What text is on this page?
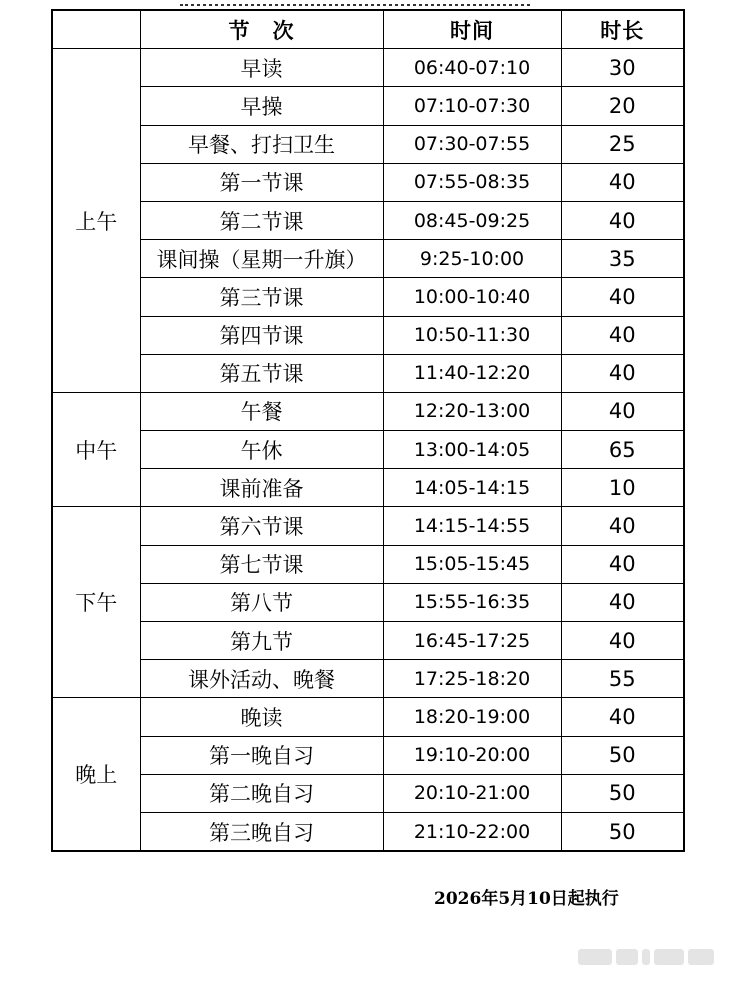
	节　次	时间	时长
上午	早读	06:40-07:10	30
	早操	07:10-07:30	20
	早餐、打扫卫生	07:30-07:55	25
	第一节课	07:55-08:35	40
	第二节课	08:45-09:25	40
	课间操（星期一升旗）	9:25-10:00	35
	第三节课	10:00-10:40	40
	第四节课	10:50-11:30	40
	第五节课	11:40-12:20	40
中午	午餐	12:20-13:00	40
	午休	13:00-14:05	65
	课前准备	14:05-14:15	10
下午	第六节课	14:15-14:55	40
	第七节课	15:05-15:45	40
	第八节	15:55-16:35	40
	第九节	16:45-17:25	40
	课外活动、晚餐	17:25-18:20	55
晚上	晚读	18:20-19:00	40
	第一晚自习	19:10-20:00	50
	第二晚自习	20:10-21:00	50
	第三晚自习	21:10-22:00	50
2026年5月10日起执行
